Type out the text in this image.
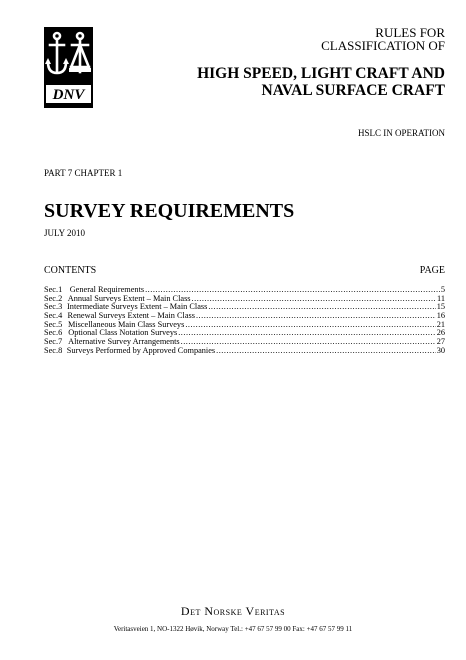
DNV
RULES FOR
CLASSIFICATION OF
HIGH SPEED, LIGHT CRAFT AND
NAVAL SURFACE CRAFT
HSLC IN OPERATION
PART 7 CHAPTER 1
SURVEY REQUIREMENTS
JULY 2010
CONTENTS	PAGE
Sec. 1 General Requirements .....	5
Sec. 2 Annual Surveys Extent – Main Class .....	11
Sec. 3 Intermediate Surveys Extent – Main Class .....	15
Sec. 4 Renewal Surveys Extent – Main Class .....	16
Sec. 5 Miscellaneous Main Class Surveys .....	21
Sec. 6 Optional Class Notation Surveys .....	26
Sec. 7 Alternative Survey Arrangements .....	27
Sec. 8 Surveys Performed by Approved Companies .....	30
Det Norske Veritas
Veritasveien 1, NO-1322 Høvik, Norway Tel.: +47 67 57 99 00 Fax: +47 67 57 99 11
